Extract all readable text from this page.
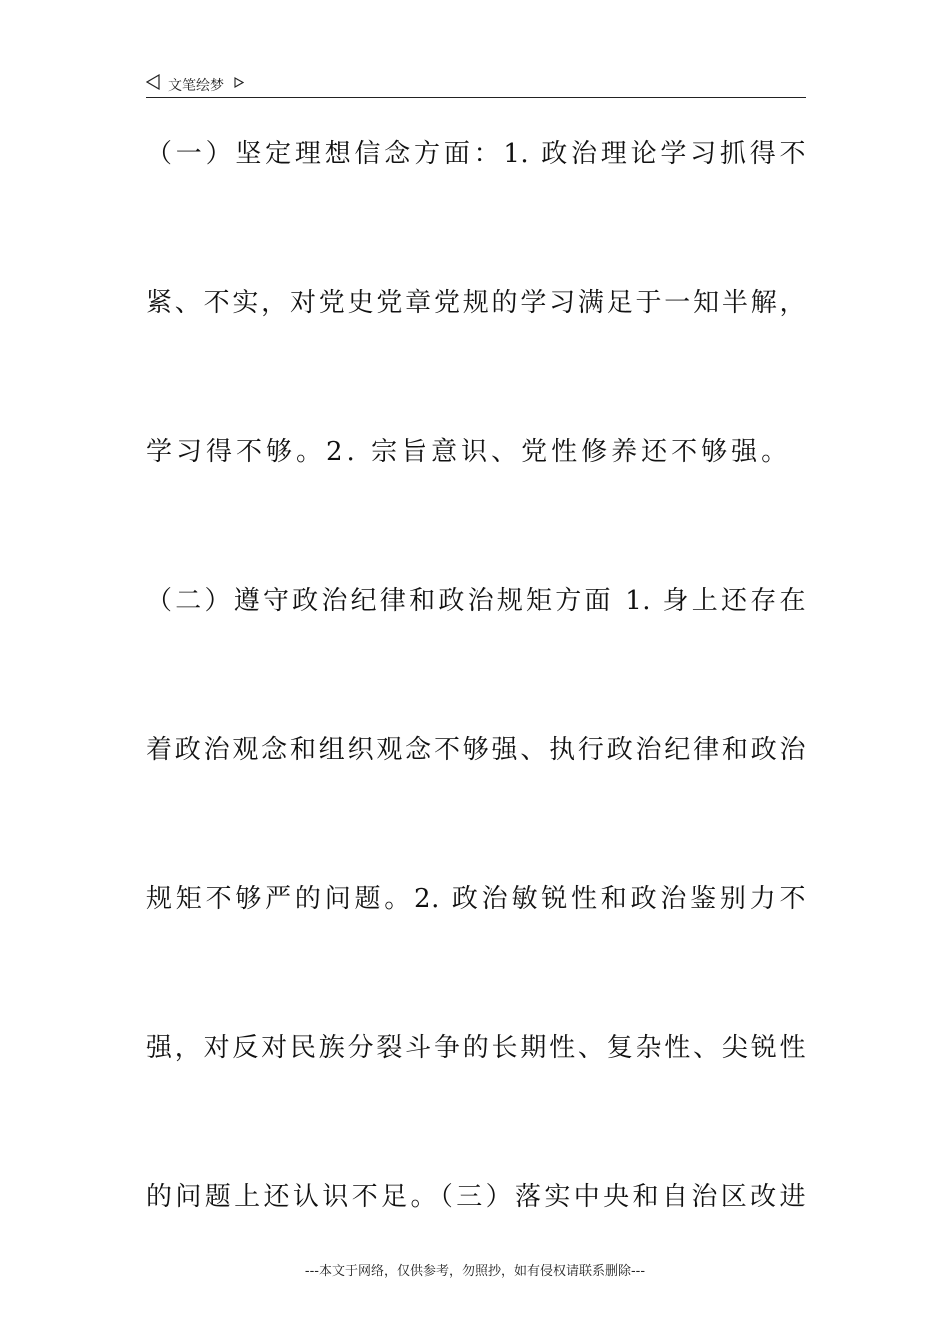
文笔绘梦
（一）坚定理想信念方面：1. 政治理论学习抓得不
紧、不实，对党史党章党规的学习满足于一知半解，
学习得不够。2. 宗旨意识、党性修养还不够强。
（二）遵守政治纪律和政治规矩方面 1. 身上还存在
着政治观念和组织观念不够强、执行政治纪律和政治
规矩不够严的问题。2. 政治敏锐性和政治鉴别力不
强，对反对民族分裂斗争的长期性、复杂性、尖锐性
的问题上还认识不足。（三）落实中央和自治区改进
---本文于网络，仅供参考，勿照抄，如有侵权请联系删除---
